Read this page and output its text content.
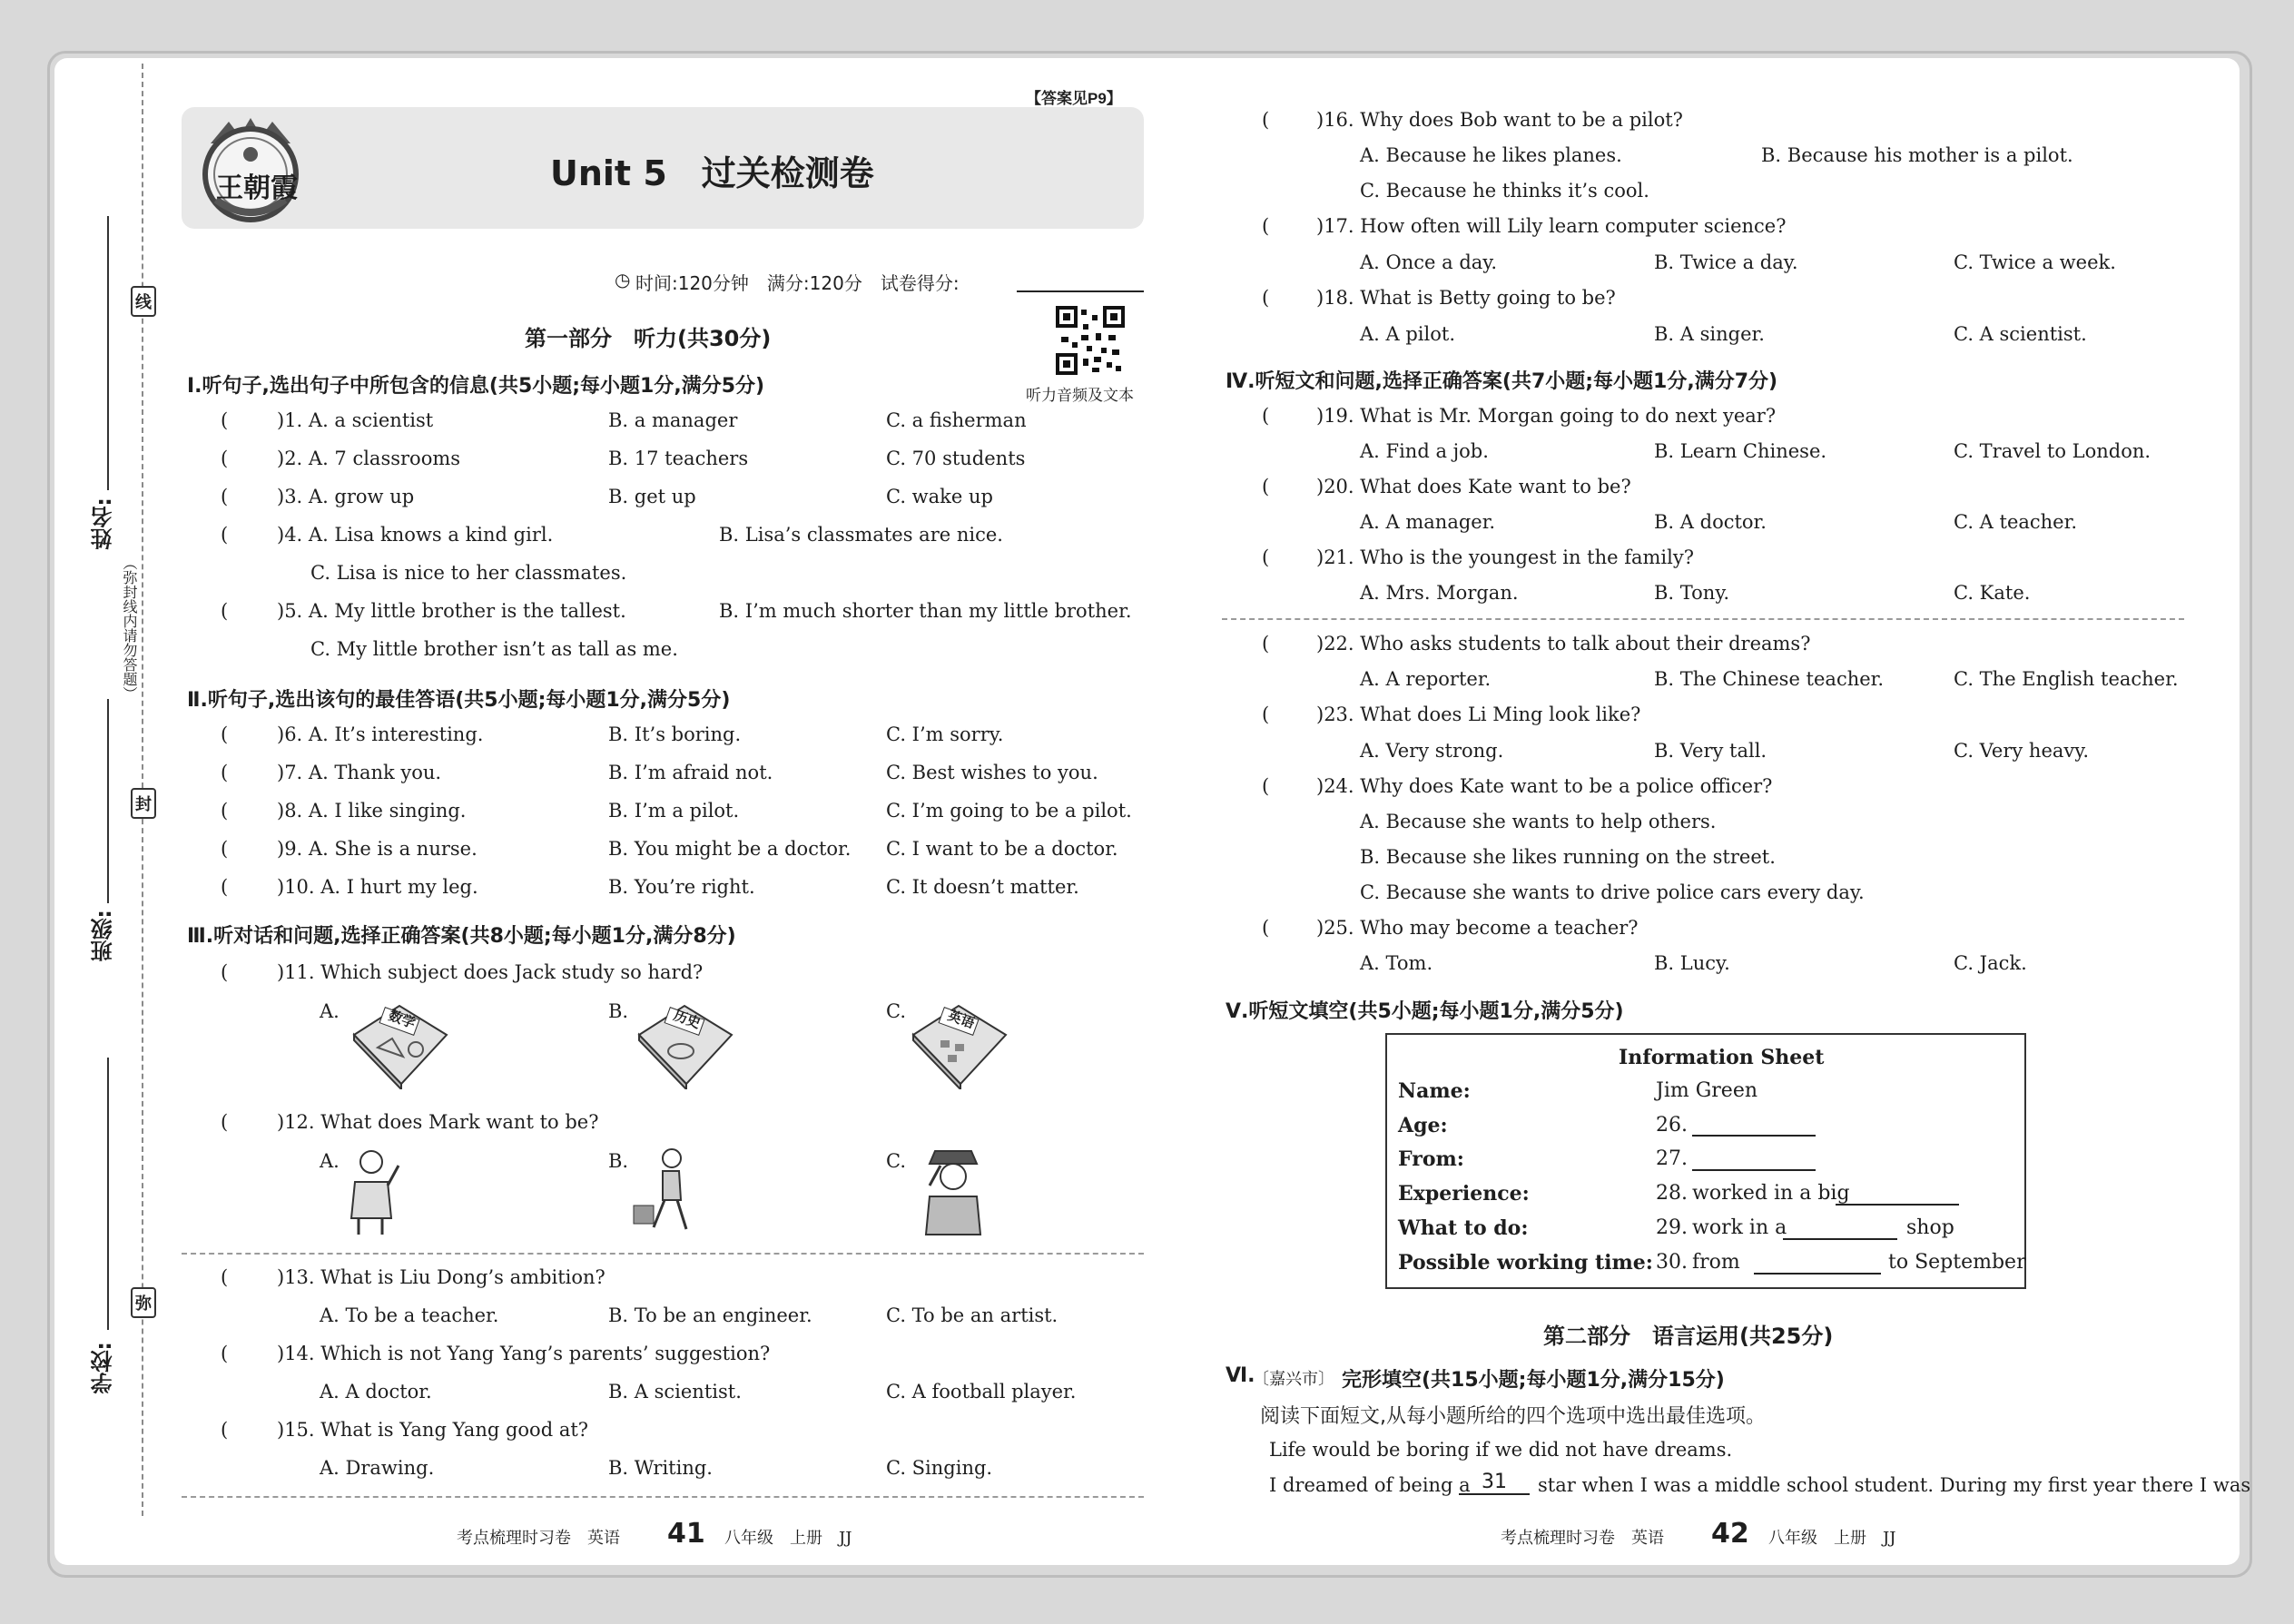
线
封
弥
（弥封线内请勿答题）
学校:
班级:
姓名:
【答案见P9】
王朝霞	Unit 5　过关检测卷
◷ 时间:120分钟　满分:120分　试卷得分:
听力音频及文本
第一部分　听力(共30分)
Ⅰ.听句子,选出句子中所包含的信息(共5小题;每小题1分,满分5分)
(	)1. A. a scientist	B. a manager	C. a fisherman
(	)2. A. 7 classrooms	B. 17 teachers	C. 70 students
(	)3. A. grow up	B. get up	C. wake up
(	)4. A. Lisa knows a kind girl.	B. Lisa’s classmates are nice.
C. Lisa is nice to her classmates.
(	)5. A. My little brother is the tallest.	B. I’m much shorter than my little brother.
C. My little brother isn’t as tall as me.
Ⅱ.听句子,选出该句的最佳答语(共5小题;每小题1分,满分5分)
(	)6. A. It’s interesting.	B. It’s boring.	C. I’m sorry.
(	)7. A. Thank you.	B. I’m afraid not.	C. Best wishes to you.
(	)8. A. I like singing.	B. I’m a pilot.	C. I’m going to be a pilot.
(	)9. A. She is a nurse.	B. You might be a doctor. C. I want to be a doctor.
(	)10. A. I hurt my leg.	B. You’re right.	C. It doesn’t matter.
Ⅲ.听对话和问题,选择正确答案(共8小题;每小题1分,满分8分)
(	)11. Which subject does Jack study so hard?
A.	B.	C.
数学	历史	英语
(	)12. What does Mark want to be?
A.	B.	C.
(	)13. What is Liu Dong’s ambition?
A. To be a teacher.	B. To be an engineer.	C. To be an artist.
(	)14. Which is not Yang Yang’s parents’ suggestion?
A. A doctor.	B. A scientist.	C. A football player.
(	)15. What is Yang Yang good at?
A. Drawing.	B. Writing.	C. Singing.
考点梳理时习卷　英语 41 八年级　上册　JJ
( )16. Why does Bob want to be a pilot?
A. Because he likes planes.	B. Because his mother is a pilot.
C. Because he thinks it’s cool.
( )17. How often will Lily learn computer science?
A. Once a day.	B. Twice a day.	C. Twice a week.
( )18. What is Betty going to be?
A. A pilot.	B. A singer.	C. A scientist.
Ⅳ.听短文和问题,选择正确答案(共7小题;每小题1分,满分7分)
( )19. What is Mr. Morgan going to do next year?
A. Find a job.	B. Learn Chinese.	C. Travel to London.
( )20. What does Kate want to be?
A. A manager.	B. A doctor.	C. A teacher.
( )21. Who is the youngest in the family?
A. Mrs. Morgan.	B. Tony.	C. Kate.
( )22. Who asks students to talk about their dreams?
A. A reporter.	B. The Chinese teacher.	C. The English teacher.
( )23. What does Li Ming look like?
A. Very strong.	B. Very tall.	C. Very heavy.
( )24. Why does Kate want to be a police officer?
A. Because she wants to help others.
B. Because she likes running on the street.
C. Because she wants to drive police cars every day.
( )25. Who may become a teacher?
A. Tom.	B. Lucy.	C. Jack.
Ⅴ.听短文填空(共5小题;每小题1分,满分5分)
Information Sheet
Name:	Jim Green
Age:	26.
From:	27.
Experience:	28. worked in a big
What to do:	29. work in a	shop
Possible working time: 30. from	to September
第二部分　语言运用(共25分)
Ⅵ.
〔嘉兴市〕 完形填空(共15小题;每小题1分,满分15分)
阅读下面短文,从每小题所给的四个选项中选出最佳选项。
Life would be boring if we did not have dreams.
I dreamed of being a 31	star when I was a middle school student. During my first year there I was
考点梳理时习卷　英语 42 八年级　上册　JJ
